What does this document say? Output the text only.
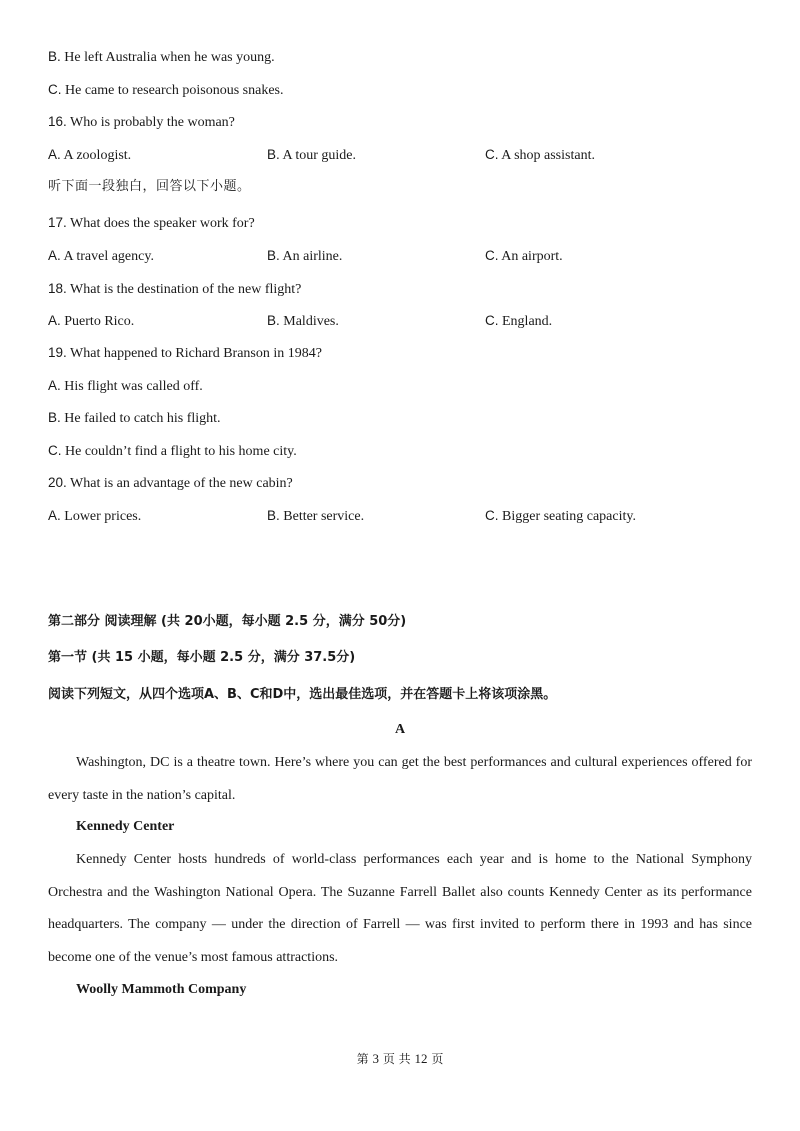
B. He left Australia when he was young.
C. He came to research poisonous snakes.
16. Who is probably the woman?
A. A zoologist.	B. A tour guide.	C. A shop assistant.
听下面一段独白，回答以下小题。
17. What does the speaker work for?
A. A travel agency.	B. An airline.	C. An airport.
18. What is the destination of the new flight?
A. Puerto Rico.	B. Maldives.	C. England.
19. What happened to Richard Branson in 1984?
A. His flight was called off.
B. He failed to catch his flight.
C. He couldn’t find a flight to his home city.
20. What is an advantage of the new cabin?
A. Lower prices.	B. Better service.	C. Bigger seating capacity.
第二部分 阅读理解 (共 20小题，每小题 2.5 分，满分 50分)
第一节 (共 15 小题，每小题 2.5 分，满分 37.5分)
阅读下列短文，从四个选项A、B、C和D中，选出最佳选项，并在答题卡上将该项涂黑。
A
Washington, DC is a theatre town. Here’s where you can get the best performances and cultural experiences offered for every taste in the nation’s capital.
Kennedy Center
Kennedy Center hosts hundreds of world-class performances each year and is home to the National Symphony Orchestra and the Washington National Opera. The Suzanne Farrell Ballet also counts Kennedy Center as its performance headquarters. The company — under the direction of Farrell — was first invited to perform there in 1993 and has since become one of the venue’s most famous attractions.
Woolly Mammoth Company
第 3 页 共 12 页
